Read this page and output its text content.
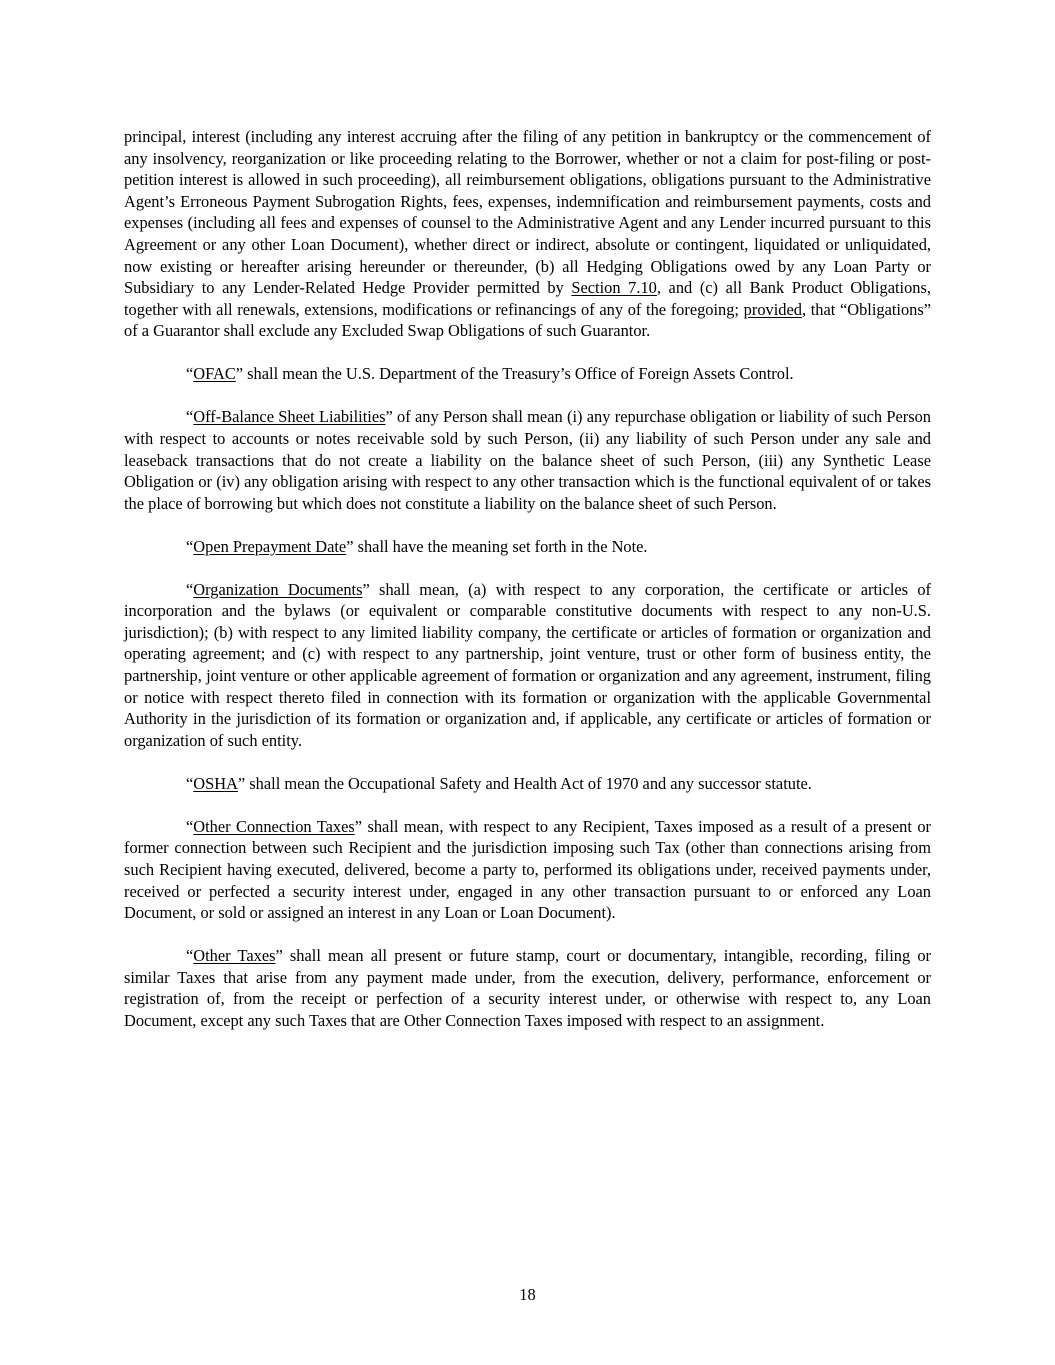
principal, interest (including any interest accruing after the filing of any petition in bankruptcy or the commencement of any insolvency, reorganization or like proceeding relating to the Borrower, whether or not a claim for post-filing or post-petition interest is allowed in such proceeding), all reimbursement obligations, obligations pursuant to the Administrative Agent’s Erroneous Payment Subrogation Rights, fees, expenses, indemnification and reimbursement payments, costs and expenses (including all fees and expenses of counsel to the Administrative Agent and any Lender incurred pursuant to this Agreement or any other Loan Document), whether direct or indirect, absolute or contingent, liquidated or unliquidated, now existing or hereafter arising hereunder or thereunder, (b) all Hedging Obligations owed by any Loan Party or Subsidiary to any Lender-Related Hedge Provider permitted by Section 7.10, and (c) all Bank Product Obligations, together with all renewals, extensions, modifications or refinancings of any of the foregoing; provided, that “Obligations” of a Guarantor shall exclude any Excluded Swap Obligations of such Guarantor.

“OFAC” shall mean the U.S. Department of the Treasury’s Office of Foreign Assets Control.

“Off-Balance Sheet Liabilities” of any Person shall mean (i) any repurchase obligation or liability of such Person with respect to accounts or notes receivable sold by such Person, (ii) any liability of such Person under any sale and leaseback transactions that do not create a liability on the balance sheet of such Person, (iii) any Synthetic Lease Obligation or (iv) any obligation arising with respect to any other transaction which is the functional equivalent of or takes the place of borrowing but which does not constitute a liability on the balance sheet of such Person.

“Open Prepayment Date” shall have the meaning set forth in the Note.

“Organization Documents” shall mean, (a) with respect to any corporation, the certificate or articles of incorporation and the bylaws (or equivalent or comparable constitutive documents with respect to any non-U.S. jurisdiction); (b) with respect to any limited liability company, the certificate or articles of formation or organization and operating agreement; and (c) with respect to any partnership, joint venture, trust or other form of business entity, the partnership, joint venture or other applicable agreement of formation or organization and any agreement, instrument, filing or notice with respect thereto filed in connection with its formation or organization with the applicable Governmental Authority in the jurisdiction of its formation or organization and, if applicable, any certificate or articles of formation or organization of such entity.

“OSHA” shall mean the Occupational Safety and Health Act of 1970 and any successor statute.

“Other Connection Taxes” shall mean, with respect to any Recipient, Taxes imposed as a result of a present or former connection between such Recipient and the jurisdiction imposing such Tax (other than connections arising from such Recipient having executed, delivered, become a party to, performed its obligations under, received payments under, received or perfected a security interest under, engaged in any other transaction pursuant to or enforced any Loan Document, or sold or assigned an interest in any Loan or Loan Document).

“Other Taxes” shall mean all present or future stamp, court or documentary, intangible, recording, filing or similar Taxes that arise from any payment made under, from the execution, delivery, performance, enforcement or registration of, from the receipt or perfection of a security interest under, or otherwise with respect to, any Loan Document, except any such Taxes that are Other Connection Taxes imposed with respect to an assignment.

18
